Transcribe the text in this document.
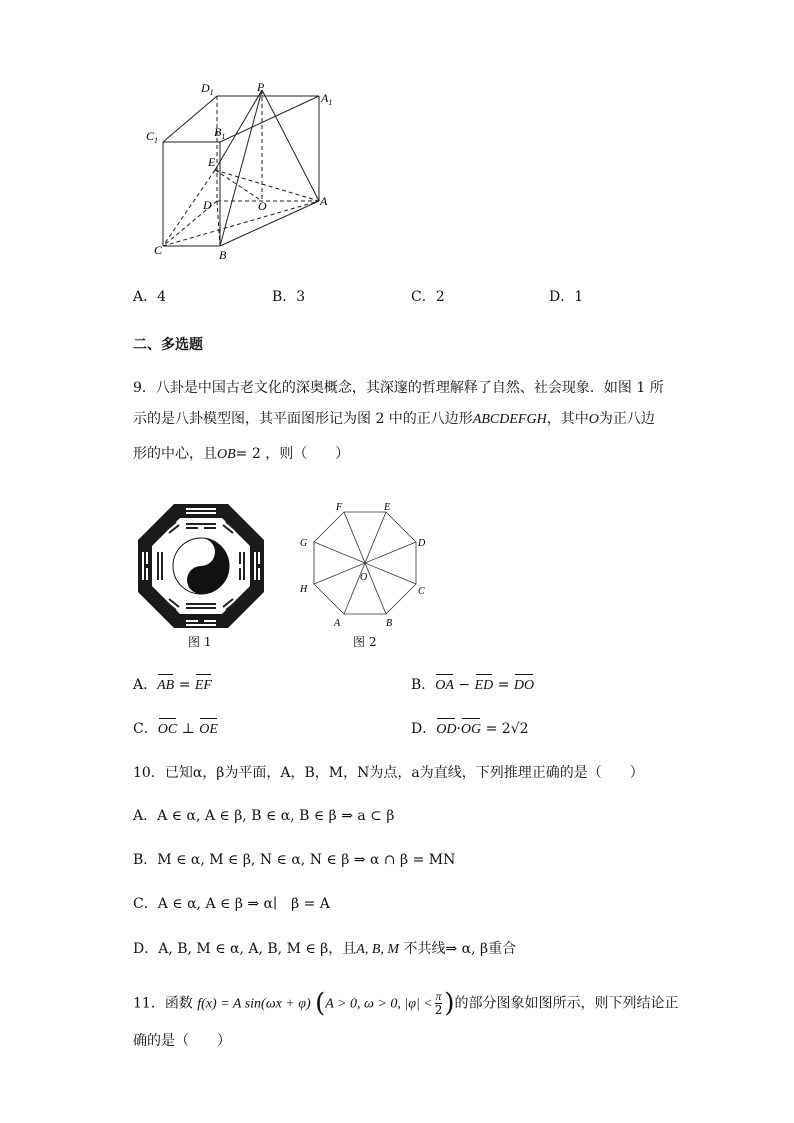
$D_1$	P
$A_1$
$C_1$
$B_1$
E
D	O	A
C	B
A．4	B．3	C．2	D．1
二、多选题
9．八卦是中国古老文化的深奥概念，其深邃的哲理解释了自然、社会现象．如图 1 所
示的是八卦模型图，其平面图形记为图 2 中的正八边形ABCDEFGH，其中O为正八边
形的中心，且OB= 2 ，则（　　）
图 1
F	E
D
C
B
A
H
G
O
图 2
A．AB = EF	B．OA − ED = DO
C．OC ⊥ OE	D．OD·OG = 2√2
10．已知α，β为平面，A，B，M，N为点，a为直线，下列推理正确的是（　　）
A．A ∈ α, A ∈ β, B ∈ α, B ∈ β ⇒ a ⊂ β
B．M ∈ α, M ∈ β, N ∈ α, N ∈ β ⇒ α ∩ β = MN
C．A ∈ α, A ∈ β ⇒ α∣　β = A
D．A, B, M ∈ α, A, B, M ∈ β，且A, B, M 不共线⇒ α, β重合
11．函数 f(x) = A sin(ωx + φ) (A > 0, ω > 0, $|\varphi| < \frac{\pi}{2}$ )的部分图象如图所示，则下列结论正
确的是（　　）
